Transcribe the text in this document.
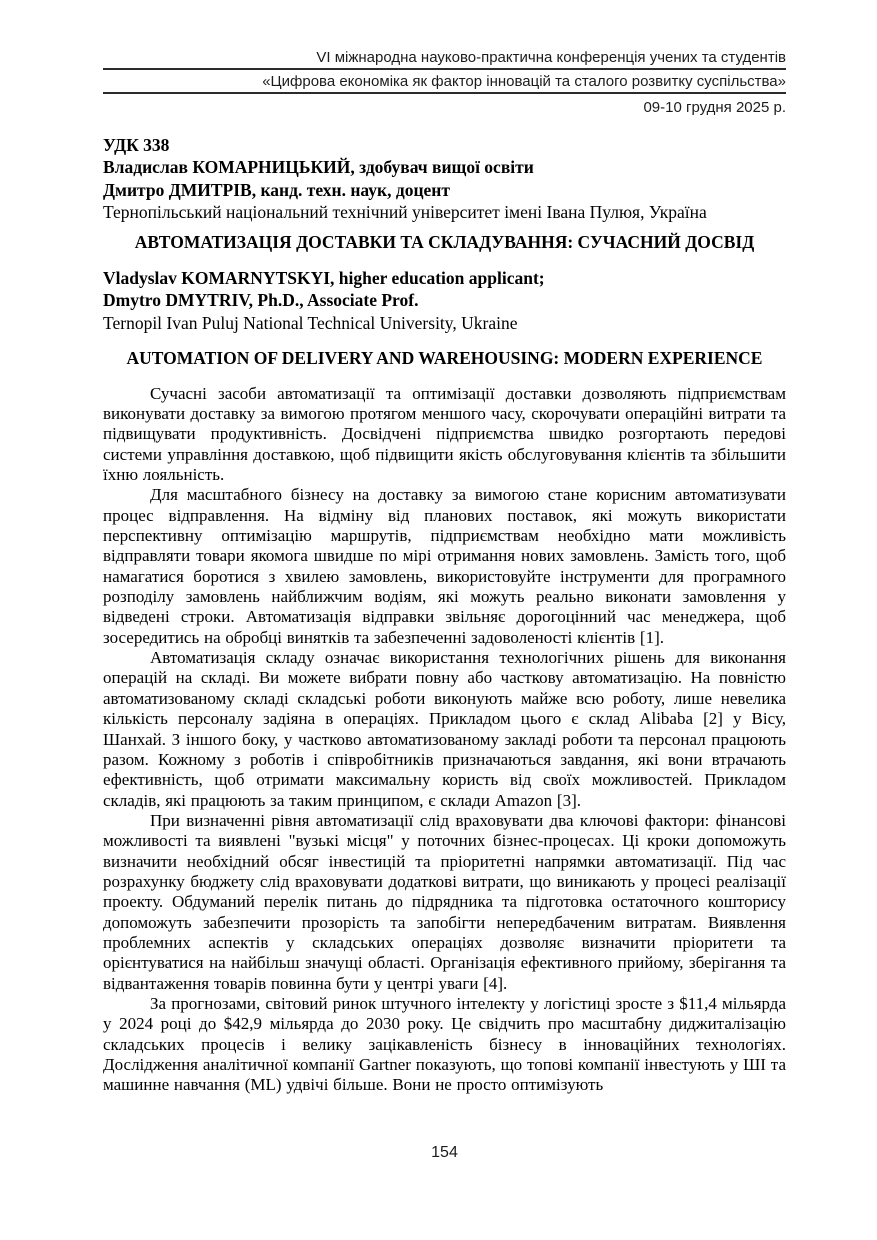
VI міжнародна науково-практична конференція учених та студентів
«Цифрова економіка як фактор інновацій та сталого розвитку суспільства»
09-10 грудня 2025 р.
УДК 338
Владислав КОМАРНИЦЬКИЙ, здобувач вищої освіти
Дмитро ДМИТРІВ, канд. техн. наук, доцент
Тернопільський національний технічний університет імені Івана Пулюя, Україна
АВТОМАТИЗАЦІЯ ДОСТАВКИ ТА СКЛАДУВАННЯ: СУЧАСНИЙ ДОСВІД
Vladyslav KOMARNYTSKYI, higher education applicant;
Dmytro DMYTRIV, Ph.D., Associate Prof.
Ternopil Ivan Puluj National Technical University, Ukraine
AUTOMATION OF DELIVERY AND WAREHOUSING: MODERN EXPERIENCE

Сучасні засоби автоматизації та оптимізації доставки дозволяють підприємствам виконувати доставку за вимогою протягом меншого часу, скорочувати операційні витрати та підвищувати продуктивність. Досвідчені підприємства швидко розгортають передові системи управління доставкою, щоб підвищити якість обслуговування клієнтів та збільшити їхню лояльність.

Для масштабного бізнесу на доставку за вимогою стане корисним автоматизувати процес відправлення. На відміну від планових поставок, які можуть використати перспективну оптимізацію маршрутів, підприємствам необхідно мати можливість відправляти товари якомога швидше по мірі отримання нових замовлень. Замість того, щоб намагатися боротися з хвилею замовлень, використовуйте інструменти для програмного розподілу замовлень найближчим водіям, які можуть реально виконати замовлення у відведені строки. Автоматизація відправки звільняє дорогоцінний час менеджера, щоб зосередитись на обробці винятків та забезпеченні задоволеності клієнтів [1].

Автоматизація складу означає використання технологічних рішень для виконання операцій на складі. Ви можете вибрати повну або часткову автоматизацію. На повністю автоматизованому складі складські роботи виконують майже всю роботу, лише невелика кількість персоналу задіяна в операціях. Прикладом цього є склад Alibaba [2] у Вісу, Шанхай. З іншого боку, у частково автоматизованому закладі роботи та персонал працюють разом. Кожному з роботів і співробітників призначаються завдання, які вони втрачають ефективність, щоб отримати максимальну користь від своїх можливостей. Прикладом складів, які працюють за таким принципом, є склади Amazon [3].

При визначенні рівня автоматизації слід враховувати два ключові фактори: фінансові можливості та виявлені "вузькі місця" у поточних бізнес-процесах. Ці кроки допоможуть визначити необхідний обсяг інвестицій та пріоритетні напрямки автоматизації. Під час розрахунку бюджету слід враховувати додаткові витрати, що виникають у процесі реалізації проекту. Обдуманий перелік питань до підрядника та підготовка остаточного кошторису допоможуть забезпечити прозорість та запобігти непередбаченим витратам. Виявлення проблемних аспектів у складських операціях дозволяє визначити пріоритети та орієнтуватися на найбільш значущі області. Організація ефективного прийому, зберігання та відвантаження товарів повинна бути у центрі уваги [4].

За прогнозами, світовий ринок штучного інтелекту у логістиці зросте з $11,4 мільярда у 2024 році до $42,9 мільярда до 2030 року. Це свідчить про масштабну диджиталізацію складських процесів і велику зацікавленість бізнесу в інноваційних технологіях. Дослідження аналітичної компанії Gartner показують, що топові компанії інвестують у ШІ та машинне навчання (ML) удвічі більше. Вони не просто оптимізують

154
